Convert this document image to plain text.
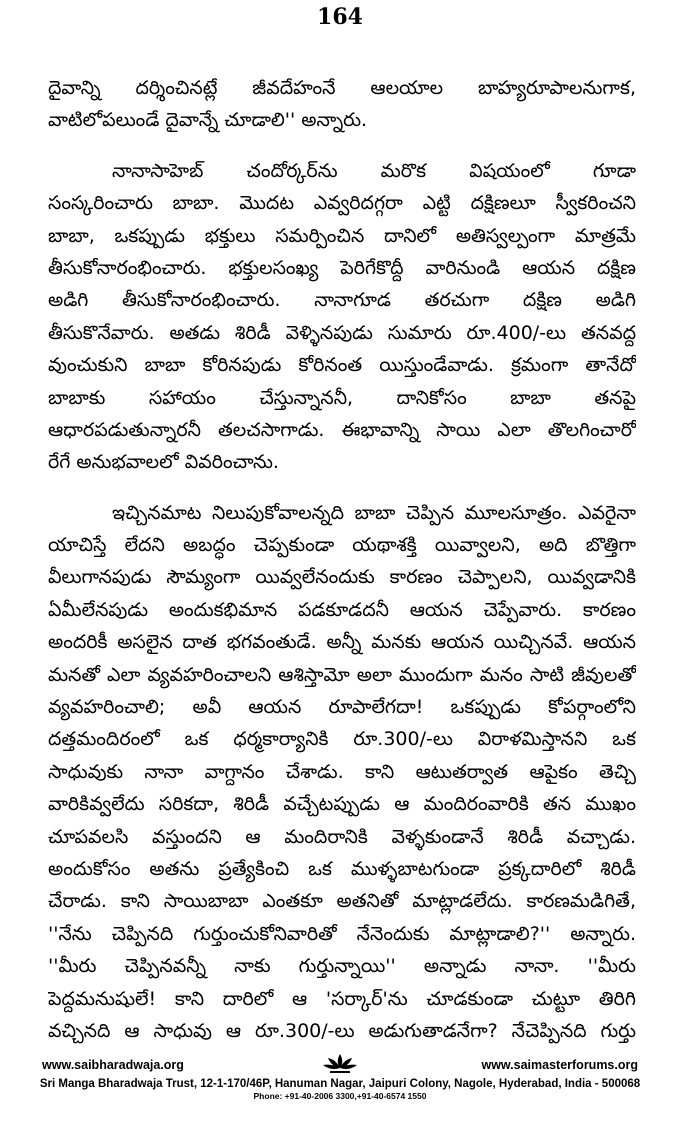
164
దైవాన్ని దర్శించినట్లే జీవదేహంనే ఆలయాల బాహ్యరూపాలనుగాక,
వాటిలోపలుండే దైవాన్నే చూడాలి'' అన్నారు.
నానాసాహెబ్ చందోర్కర్‌ను మరొక విషయంలో గూడా
సంస్కరించారు బాబా. మొదట ఎవ్వరిదగ్గరా ఎట్టి దక్షిణలూ స్వీకరించని
బాబా, ఒకప్పుడు భక్తులు సమర్పించిన దానిలో అతిస్వల్పంగా మాత్రమే
తీసుకోనారంభించారు. భక్తులసంఖ్య పెరిగేకొద్దీ వారినుండి ఆయన దక్షిణ
అడిగి తీసుకోనారంభించారు. నానాగూడ తరచుగా దక్షిణ అడిగి
తీసుకొనేవారు. అతడు శిరిడీ వెళ్ళినపుడు సుమారు రూ.400/-లు తనవద్ద
వుంచుకుని బాబా కోరినపుడు కోరినంత యిస్తుండేవాడు. క్రమంగా తానేదో
బాబాకు సహాయం చేస్తున్నాననీ, దానికోసం బాబా తనపై
ఆధారపడుతున్నారనీ తలచసాగాడు. ఈభావాన్ని సాయి ఎలా తొలగించారో
రేగే అనుభవాలలో వివరించాను.
ఇచ్చినమాట నిలుపుకోవాలన్నది బాబా చెప్పిన మూలసూత్రం. ఎవరైనా
యాచిస్తే లేదని అబద్ధం చెప్పకుండా యథాశక్తి యివ్వాలని, అది బొత్తిగా
వీలుగానపుడు సౌమ్యంగా యివ్వలేనందుకు కారణం చెప్పాలని, యివ్వడానికి
ఏమీలేనపుడు అందుకభిమాన పడకూడదనీ ఆయన చెప్పేవారు. కారణం
అందరికీ అసలైన దాత భగవంతుడే. అన్నీ మనకు ఆయన యిచ్చినవే. ఆయన
మనతో ఎలా వ్యవహరించాలని ఆశిస్తామో అలా ముందుగా మనం సాటి జీవులతో
వ్యవహరించాలి; అవీ ఆయన రూపాలేగదా! ఒకప్పుడు కోపర్గాంలోని
దత్తమందిరంలో ఒక ధర్మకార్యానికి రూ.300/-లు విరాళమిస్తానని ఒక
సాధువుకు నానా వాగ్దానం చేశాడు. కాని ఆటుతర్వాత ఆపైకం తెచ్చి
వారికివ్వలేదు సరికదా, శిరిడీ వచ్చేటప్పుడు ఆ మందిరంవారికి తన ముఖం
చూపవలసి వస్తుందని ఆ మందిరానికి వెళ్ళకుండానే శిరిడీ వచ్చాడు.
అందుకోసం అతను ప్రత్యేకించి ఒక ముళ్ళబాటగుండా ప్రక్కదారిలో శిరిడీ
చేరాడు. కాని సాయిబాబా ఎంతకూ అతనితో మాట్లాడలేదు. కారణమడిగితే,
''నేను చెప్పినది గుర్తుంచుకోనివారితో నేనెందుకు మాట్లాడాలి?'' అన్నారు.
''మీరు చెప్పినవన్నీ నాకు గుర్తున్నాయి'' అన్నాడు నానా. ''మీరు
పెద్దమనుషులే! కాని దారిలో ఆ 'సర్కార్'ను చూడకుండా చుట్టూ తిరిగి
వచ్చినది ఆ సాధువు ఆ రూ.300/-లు అడుగుతాడనేగా? నేచెప్పినది గుర్తు
www.saibharadwaja.org	www.saimasterforums.org
Sri Manga Bharadwaja Trust, 12-1-170/46P, Hanuman Nagar, Jaipuri Colony, Nagole, Hyderabad, India - 500068
Phone: +91-40-2006 3300,+91-40-6574 1550
